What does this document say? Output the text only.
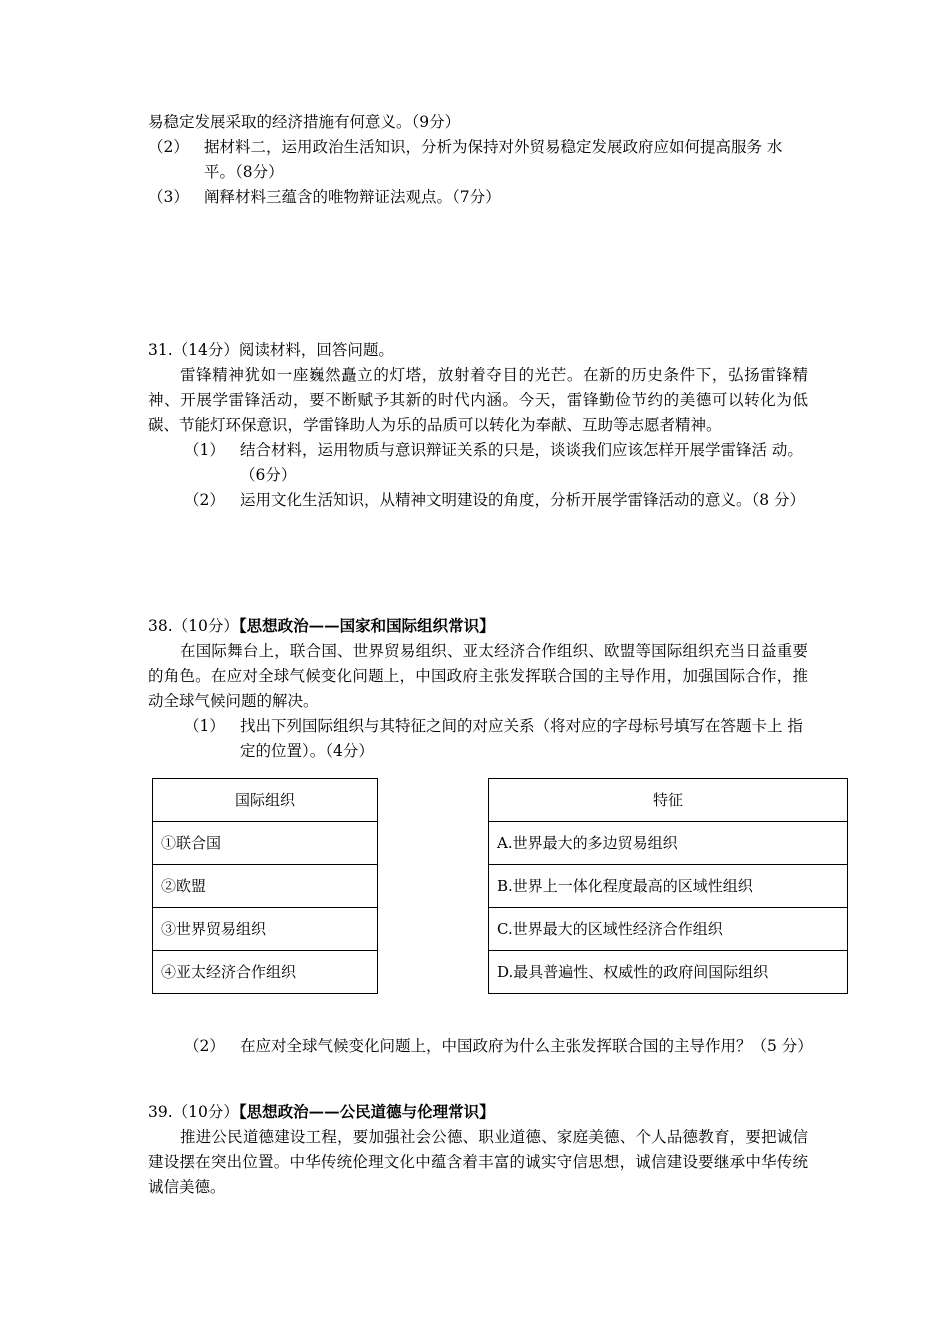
易稳定发展采取的经济措施有何意义。（9分）
（2） 据材料二，运用政治生活知识，分析为保持对外贸易稳定发展政府应如何提高服务 水平。（8分）
（3） 阐释材料三蕴含的唯物辩证法观点。（7分）
31.（14分）阅读材料，回答问题。
雷锋精神犹如一座巍然矗立的灯塔，放射着夺目的光芒。在新的历史条件下，弘扬雷锋精神、开展学雷锋活动，要不断赋予其新的时代内涵。今天，雷锋勤俭节约的美德可以转化为低碳、节能灯环保意识，学雷锋助人为乐的品质可以转化为奉献、互助等志愿者精神。
（1） 结合材料，运用物质与意识辩证关系的只是，谈谈我们应该怎样开展学雷锋活 动。（6分）
（2） 运用文化生活知识，从精神文明建设的角度，分析开展学雷锋活动的意义。（8 分）
38.（10分）【思想政治——国家和国际组织常识】
在国际舞台上，联合国、世界贸易组织、亚太经济合作组织、欧盟等国际组织充当日益重要的角色。在应对全球气候变化问题上，中国政府主张发挥联合国的主导作用，加强国际合作，推动全球气候问题的解决。
（1） 找出下列国际组织与其特征之间的对应关系（将对应的字母标号填写在答题卡上 指定的位置）。（4分）
国际组织		特征
①联合国		A.世界最大的多边贸易组织
②欧盟		B.世界上一体化程度最高的区域性组织
③世界贸易组织		C.世界最大的区域性经济合作组织
④亚太经济合作组织		D.最具普遍性、权威性的政府间国际组织
（2） 在应对全球气候变化问题上，中国政府为什么主张发挥联合国的主导作用？（5 分）
39.（10分）【思想政治——公民道德与伦理常识】
推进公民道德建设工程，要加强社会公德、职业道德、家庭美德、个人品德教育，要把诚信建设摆在突出位置。中华传统伦理文化中蕴含着丰富的诚实守信思想，诚信建设要继承中华传统诚信美德。
